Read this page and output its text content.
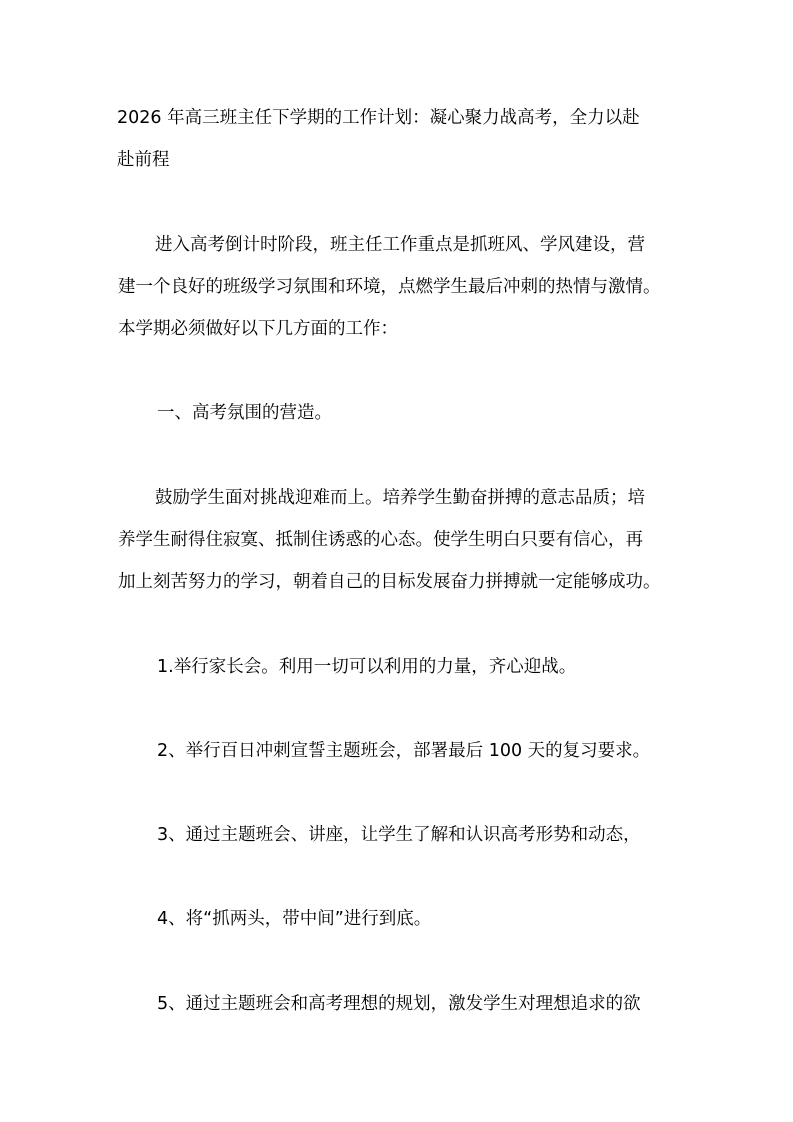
2026 年高三班主任下学期的工作计划：凝心聚力战高考，全力以赴
赴前程
进入高考倒计时阶段，班主任工作重点是抓班风、学风建设，营
建一个良好的班级学习氛围和环境，点燃学生最后冲刺的热情与激情。
本学期必须做好以下几方面的工作：
一、高考氛围的营造。
鼓励学生面对挑战迎难而上。培养学生勤奋拼搏的意志品质；培
养学生耐得住寂寞、抵制住诱惑的心态。使学生明白只要有信心，再
加上刻苦努力的学习，朝着自己的目标发展奋力拼搏就一定能够成功。
1.举行家长会。利用一切可以利用的力量，齐心迎战。
2、举行百日冲刺宣誓主题班会，部署最后 100 天的复习要求。
3、通过主题班会、讲座，让学生了解和认识高考形势和动态，
4、将“抓两头，带中间”进行到底。
5、通过主题班会和高考理想的规划，激发学生对理想追求的欲
